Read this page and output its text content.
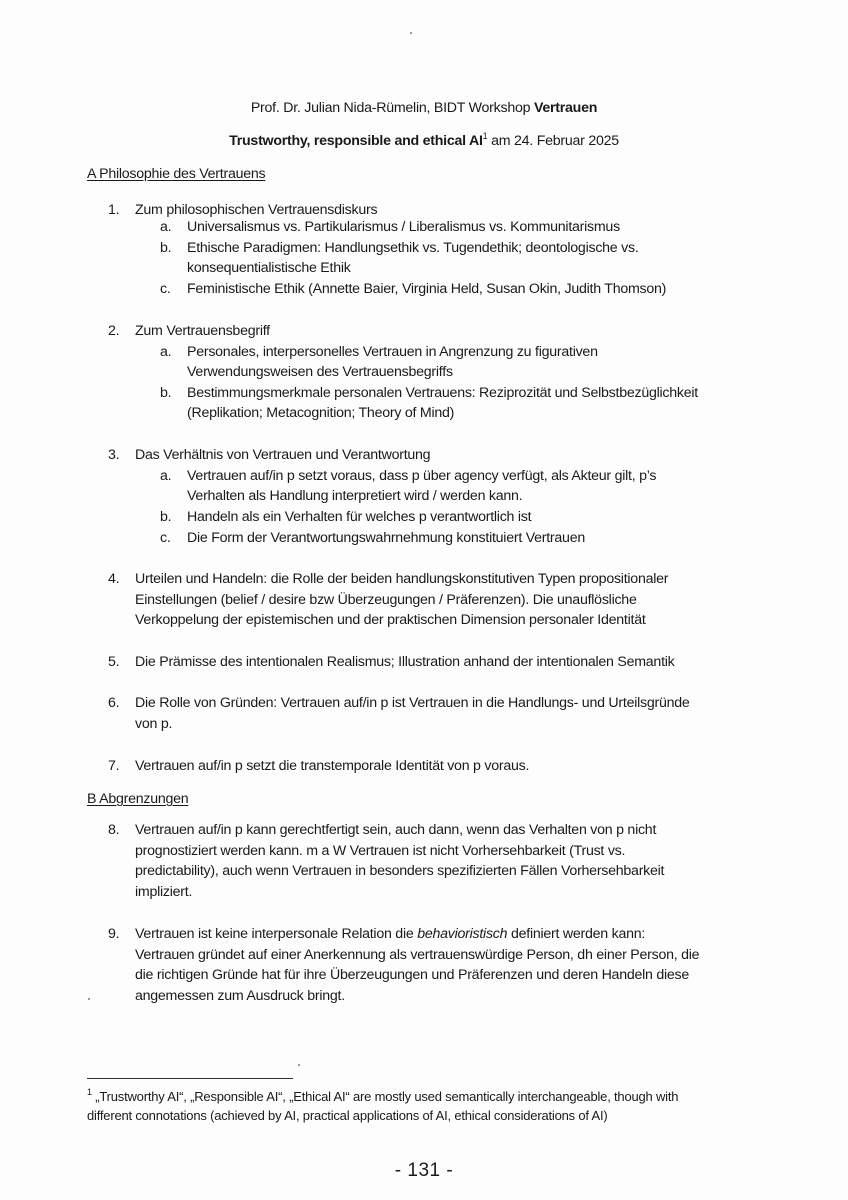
Prof. Dr. Julian Nida-Rümelin, BIDT Workshop Vertrauen
Trustworthy, responsible and ethical $AI^1$ am 24. Februar 2025
A Philosophie des Vertrauens
1. Zum philosophischen Vertrauensdiskurs
a. Universalismus vs. Partikularismus / Liberalismus vs. Kommunitarismus
b. Ethische Paradigmen: Handlungsethik vs. Tugendethik; deontologische vs.
konsequentialistische Ethik
c. Feministische Ethik (Annette Baier, Virginia Held, Susan Okin, Judith Thomson)
2. Zum Vertrauensbegriff
a. Personales, interpersonelles Vertrauen in Angrenzung zu figurativen
Verwendungsweisen des Vertrauensbegriffs
b. Bestimmungsmerkmale personalen Vertrauens: Reziprozität und Selbstbezüglichkeit
(Replikation; Metacognition; Theory of Mind)
3. Das Verhältnis von Vertrauen und Verantwortung
a. Vertrauen auf/in p setzt voraus, dass p über agency verfügt, als Akteur gilt, p’s
Verhalten als Handlung interpretiert wird / werden kann.
b. Handeln als ein Verhalten für welches p verantwortlich ist
c. Die Form der Verantwortungswahrnehmung konstituiert Vertrauen
4. Urteilen und Handeln: die Rolle der beiden handlungskonstitutiven Typen propositionaler
Einstellungen (belief / desire bzw Überzeugungen / Präferenzen). Die unauflösliche
Verkoppelung der epistemischen und der praktischen Dimension personaler Identität
5. Die Prämisse des intentionalen Realismus; Illustration anhand der intentionalen Semantik
6. Die Rolle von Gründen: Vertrauen auf/in p ist Vertrauen in die Handlungs- und Urteilsgründe
von p.
7. Vertrauen auf/in p setzt die transtemporale Identität von p voraus.
B Abgrenzungen
8. Vertrauen auf/in p kann gerechtfertigt sein, auch dann, wenn das Verhalten von p nicht
prognostiziert werden kann. m a W Vertrauen ist nicht Vorhersehbarkeit (Trust vs.
predictability), auch wenn Vertrauen in besonders spezifizierten Fällen Vorhersehbarkeit
impliziert.
9. Vertrauen ist keine interpersonale Relation die behavioristisch definiert werden kann:
Vertrauen gründet auf einer Anerkennung als vertrauenswürdige Person, dh einer Person, die
die richtigen Gründe hat für ihre Überzeugungen und Präferenzen und deren Handeln diese
angemessen zum Ausdruck bringt.
$^1$ „Trustworthy AI“, „Responsible AI“, „Ethical AI“ are mostly used semantically interchangeable, though with
different connotations (achieved by AI, practical applications of AI, ethical considerations of AI)
- 131 -
